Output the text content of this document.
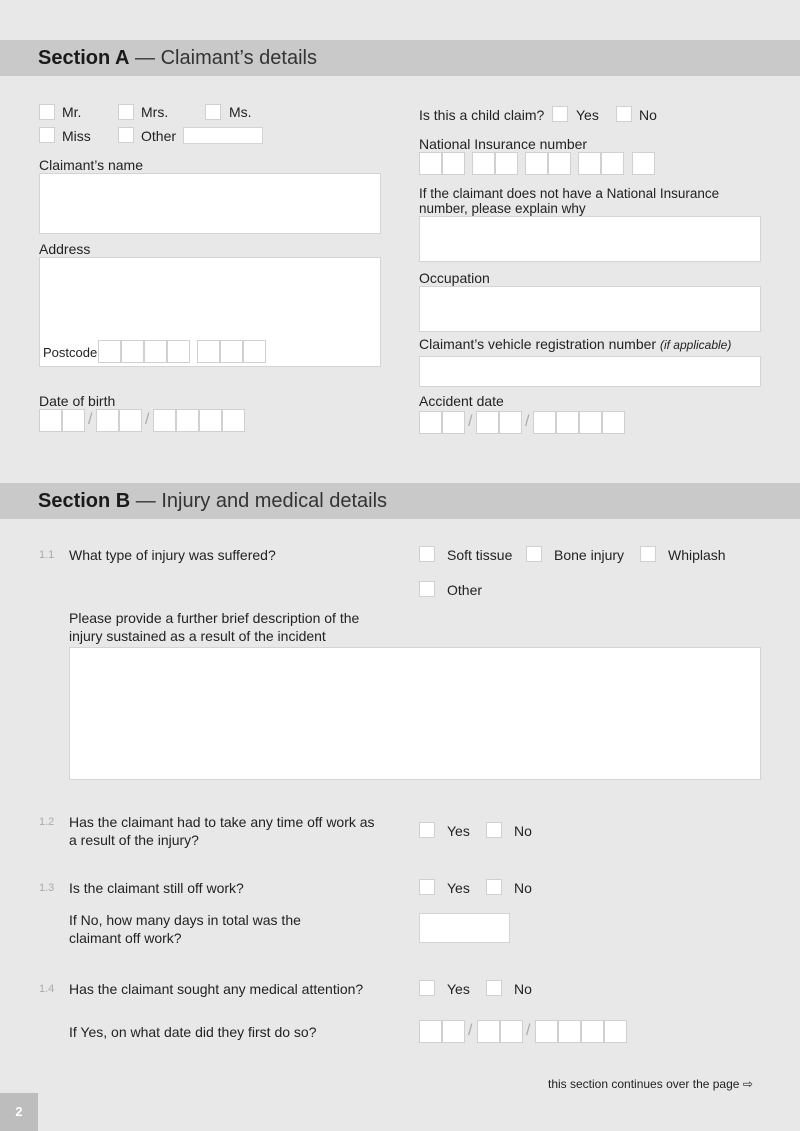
Section A — Claimant’s details
Mr.	Mrs.	Ms.
Miss	Other
Is this a child claim? Yes	No
National Insurance number
Claimant’s name
If the claimant does not have a National Insurance
number, please explain why
Address
Postcode
Occupation
Claimant’s vehicle registration number (if applicable)
Date of birth
/	/
Accident date
/	/
Section B — Injury and medical details
1.1 What type of injury was suffered?	Soft tissue	Bone injury	Whiplash
Other
Please provide a further brief description of the
injury sustained as a result of the incident
1.2 Has the claimant had to take any time off work as
a result of the injury?
Yes	No
1.3 Is the claimant still off work?	Yes	No
If No, how many days in total was the
claimant off work?
1.4 Has the claimant sought any medical attention?	Yes	No
If Yes, on what date did they first do so?	/	/
this section continues over the page ⇨
2
